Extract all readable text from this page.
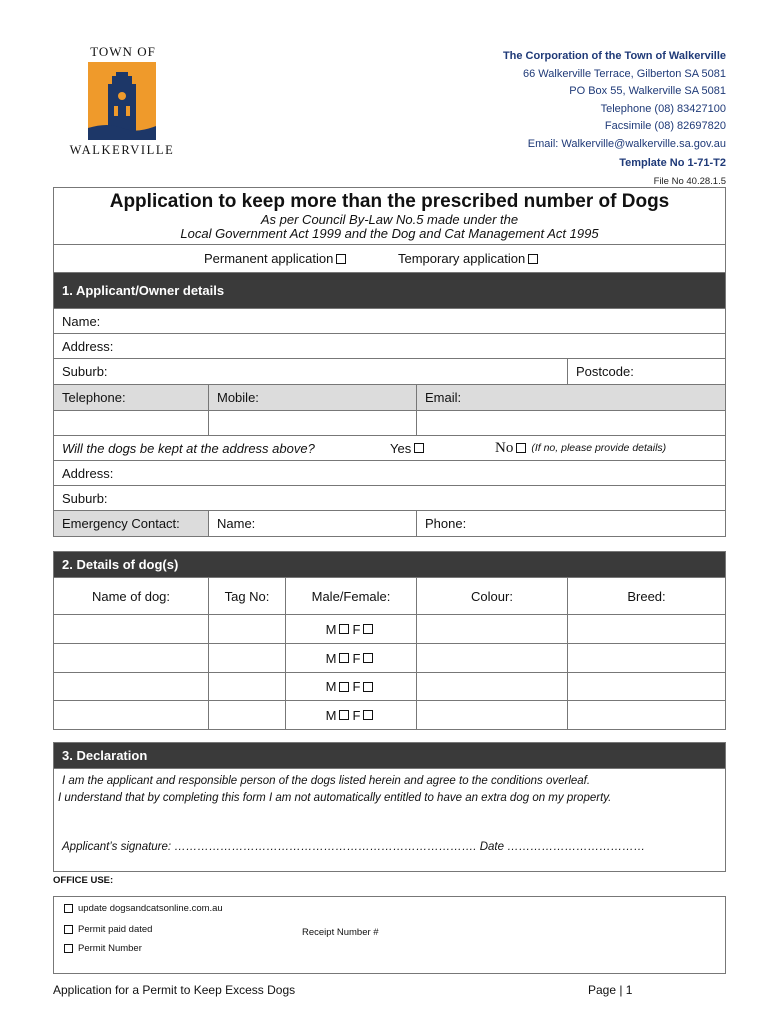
TOWN OF
WALKERVILLE
The Corporation of the Town of Walkerville
66 Walkerville Terrace, Gilberton SA 5081
PO Box 55, Walkerville SA 5081
Telephone (08) 83427100
Facsimile (08) 82697820
Email: Walkerville@walkerville.sa.gov.au
Template No 1-71-T2
File No 40.28.1.5
Application to keep more than the prescribed number of Dogs
As per Council By-Law No.5 made under the
Local Government Act 1999 and the Dog and Cat Management Act 1995
Permanent application	Temporary application
1. Applicant/Owner details
Name:
Address:
Suburb:	Postcode:
Telephone:	Mobile:	Email:
Will the dogs be kept at the address above?	Yes	No (If no, please provide details)
Address:
Suburb:
Emergency Contact:	Name:	Phone:
2. Details of dog(s)
Name of dog:	Tag No:	Male/Female:	Colour:	Breed:
M F
M F
M F
M F
3. Declaration
I am the applicant and responsible person of the dogs listed herein and agree to the conditions overleaf.
I understand that by completing this form I am not automatically entitled to have an extra dog on my property.
Applicant’s signature: ……………………………………………………………………. Date ………………………………
OFFICE USE:
update dogsandcatsonline.com.au
Permit paid dated	Receipt Number #
Permit Number
Application for a Permit to Keep Excess Dogs	Page | 1
